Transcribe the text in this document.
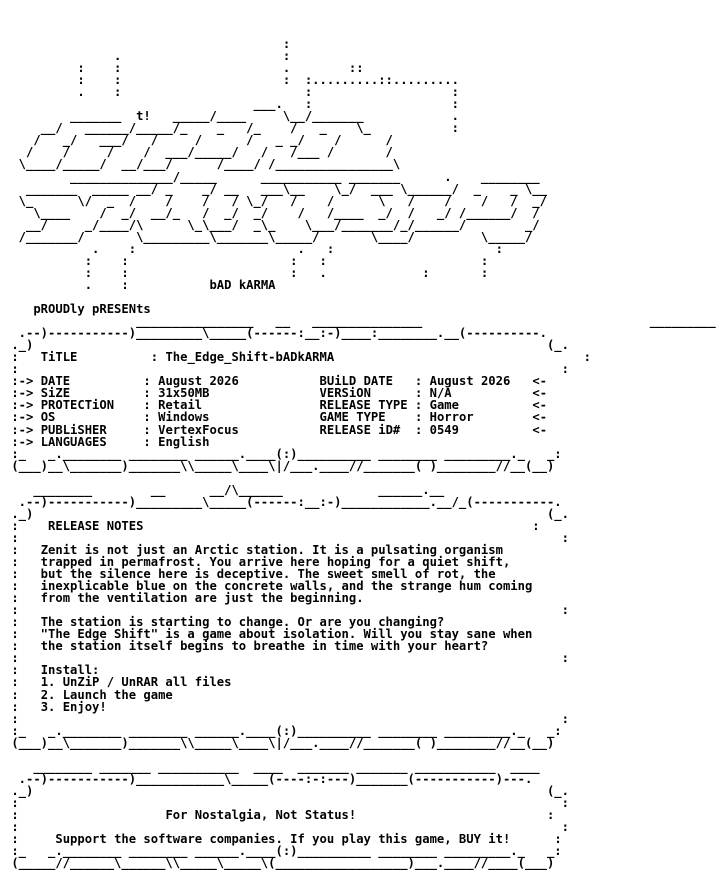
:
.                      :
:    :                      .        ::
:    :                      :  :.........::.........
.    :                         :                   :
___.   :                   :
_______  t!   _____/____     \__/_______            .
__/   ______/_____/_    _   /_    /   _    \_           :
/   _/   ___/   /     /      /   _ _/    /      /
/    /     /    /  ___/_____/   /   /___ /       /
\____/_____/  __/___/      /____/ /________________\
______________/_____      ___________ _______      .    ________
_______  _____ __/ _    _/ __   ___\__    \_/  ___ \______/  _    _ \__
\_      \/  _  /    /    /   / \_/   /    /      \   /    /    /   /  _/
\____    /  _/  __/_   /  _/  _/    /   /____  _/  /   _/ /______/  /
__/     _/____/\      \_\___/  _\_    \___/_______/_/______/        _/
/_______/       \_________\_______\_____/       \____/         \_____/
.    :                      .   :                      :
:    :                      :   :                     :
:    :                      :   .             :       :
.    :	bAD kARMA

pROUDly pRESENts
________________   __   _______________                               _________
.--)-----------)_________\_____(------:__:-)____:________.__(----------.
._)                                                                      (_.
:   TiTLE          : The_Edge_Shift-bADkARMA	:
:                                                                          :
:-> DATE          : August 2026	BUiLD DATE   : August 2026   <-
:-> SiZE          : 31x50MB	VERSiON      : N/A	<-
:-> PROTECTiON    : Retail	RELEASE TYPE : Game	<-
:-> OS            : Windows	GAME TYPE    : Horror	<-
:-> PUBLiSHER     : VertexFocus	RELEASE iD#  : 0549	<-
:-> LANGUAGES     : English
:_   _.________ ________ ______.____(:)__________ ________ _________._   _:
(___)__\_______)_______\\_____\____\|/___.____//_______( )________//__(__)

________        __      __/\______             ______.__
.--)-----------)_________\_____(------:__:-)____________.__/_(-----------.
._)                                                                      (_.
:    RELEASE NOTES	:
:                                                                          :
:   Zenit is not just an Arctic station. It is a pulsating organism
:   trapped in permafrost. You arrive here hoping for a quiet shift,
:   but the silence here is deceptive. The sweet smell of rot, the
:   inexplicable blue on the concrete walls, and the strange hum coming
:   from the ventilation are just the beginning.
:                                                                          :
:   The station is starting to change. Or are you changing?
:   "The Edge Shift" is a game about isolation. Will you stay sane when
:   the station itself begins to breathe in time with your heart?
:                                                                          :
:   Install:
:   1. UnZiP / UnRAR all files
:   2. Launch the game
:   3. Enjoy!
:                                                                          :
:_   _.________ ________ ______.____(:)__________ ________ _________._   _:
(___)__\_______)_______\\_____\____\|/___.____//_______( )________//__(__)

________ _______ ___________  ____  _______ _______ ___________  ____
.--)-----------)____________\_____(----:-:---)_______(-----------)---.
._)                                                                      (_.
:                                                                          :
:	For Nostalgia, Not Status!	:
:                                                                          :
:	Support the software companies. If you play this game, BUY it!	:
:_   _.________ ________ ______.____(:)__________ ________ _________._   _:
(_____//______\______\\_____\_____\(__________________)___.____//____(___)
